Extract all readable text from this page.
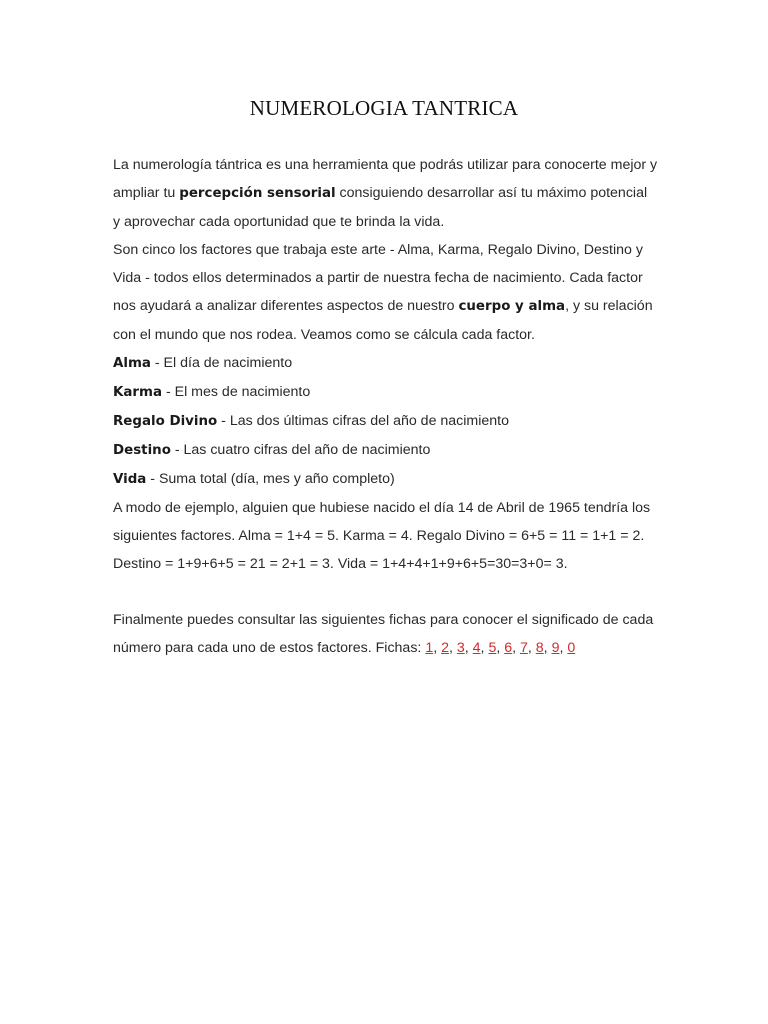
NUMEROLOGIA TANTRICA

La numerología tántrica es una herramienta que podrás utilizar para conocerte mejor y ampliar tu percepción sensorial consiguiendo desarrollar así tu máximo potencial y aprovechar cada oportunidad que te brinda la vida.

Son cinco los factores que trabaja este arte - Alma, Karma, Regalo Divino, Destino y Vida - todos ellos determinados a partir de nuestra fecha de nacimiento. Cada factor nos ayudará a analizar diferentes aspectos de nuestro cuerpo y alma, y su relación con el mundo que nos rodea. Veamos como se cálcula cada factor.

Alma - El día de nacimiento

Karma - El mes de nacimiento

Regalo Divino - Las dos últimas cifras del año de nacimiento

Destino - Las cuatro cifras del año de nacimiento

Vida - Suma total (día, mes y año completo)

A modo de ejemplo, alguien que hubiese nacido el día 14 de Abril de 1965 tendría los siguientes factores. Alma = 1+4 = 5. Karma = 4. Regalo Divino = 6+5 = 11 = 1+1 = 2. Destino = 1+9+6+5 = 21 = 2+1 = 3. Vida = 1+4+4+1+9+6+5=30=3+0= 3.

Finalmente puedes consultar las siguientes fichas para conocer el significado de cada número para cada uno de estos factores. Fichas: 1, 2, 3, 4, 5, 6, 7, 8, 9, 0
